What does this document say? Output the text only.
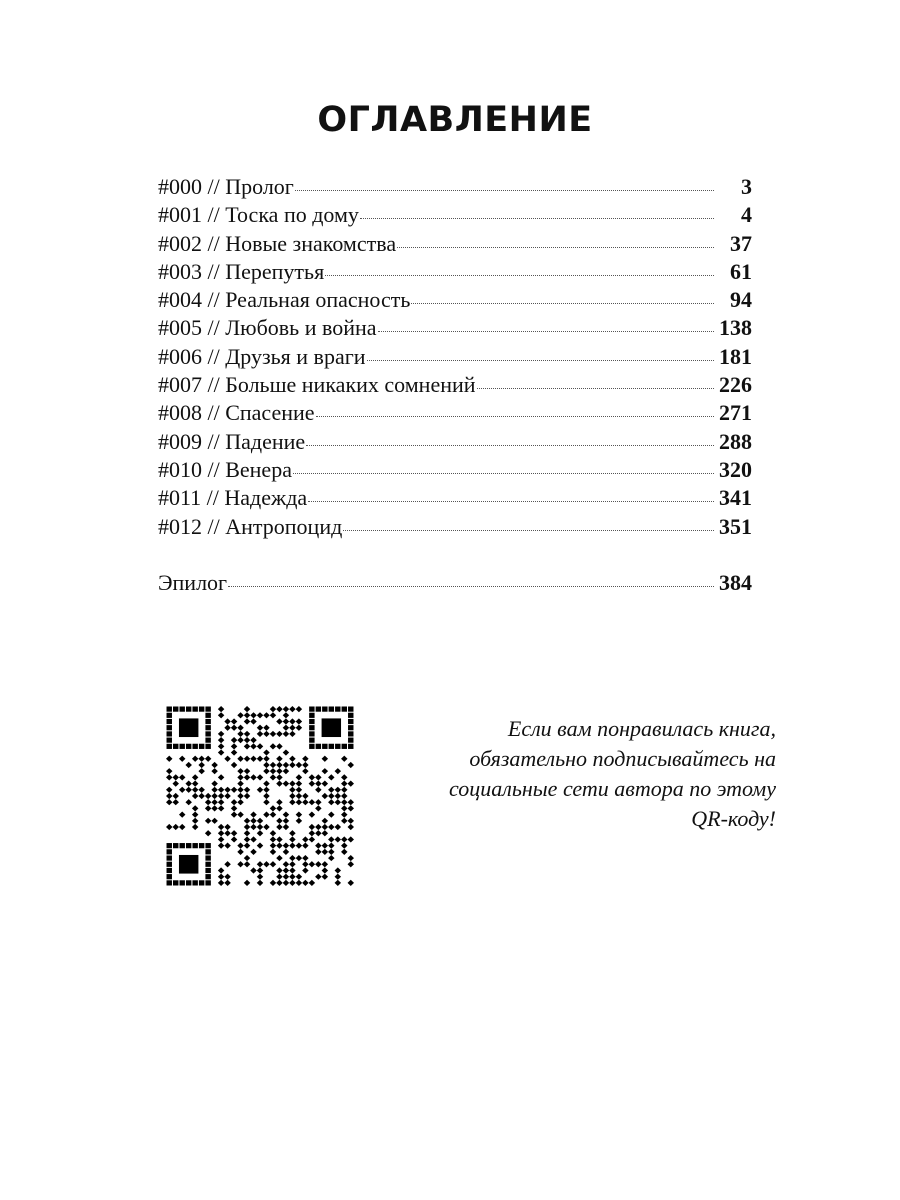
ОГЛАВЛЕНИЕ
#000 // Пролог	3
#001 // Тоска по дому	4
#002 // Новые знакомства	37
#003 // Перепутья	61
#004 // Реальная опасность	94
#005 // Любовь и война	138
#006 // Друзья и враги	181
#007 // Больше никаких сомнений	226
#008 // Спасение	271
#009 // Падение	288
#010 // Венера	320
#011 // Надежда	341
#012 // Антропоцид	351
Эпилог	384
Если вам понравилась книга,
обязательно подписывайтесь на
социальные сети автора по этому
QR-коду!
